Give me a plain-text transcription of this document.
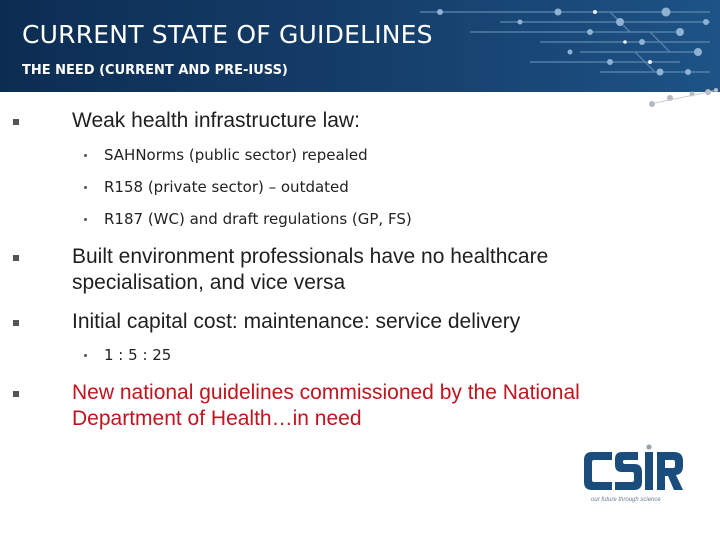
CURRENT STATE OF GUIDELINES
THE NEED (CURRENT AND PRE-IUSS)
Weak health infrastructure law:
SAHNorms (public sector) repealed
R158 (private sector) – outdated
R187 (WC) and draft regulations (GP, FS)
Built environment professionals have no healthcare specialisation, and vice versa
Initial capital cost: maintenance: service delivery
1 : 5 : 25
New national guidelines commissioned by the National Department of Health…in need
our future through science
